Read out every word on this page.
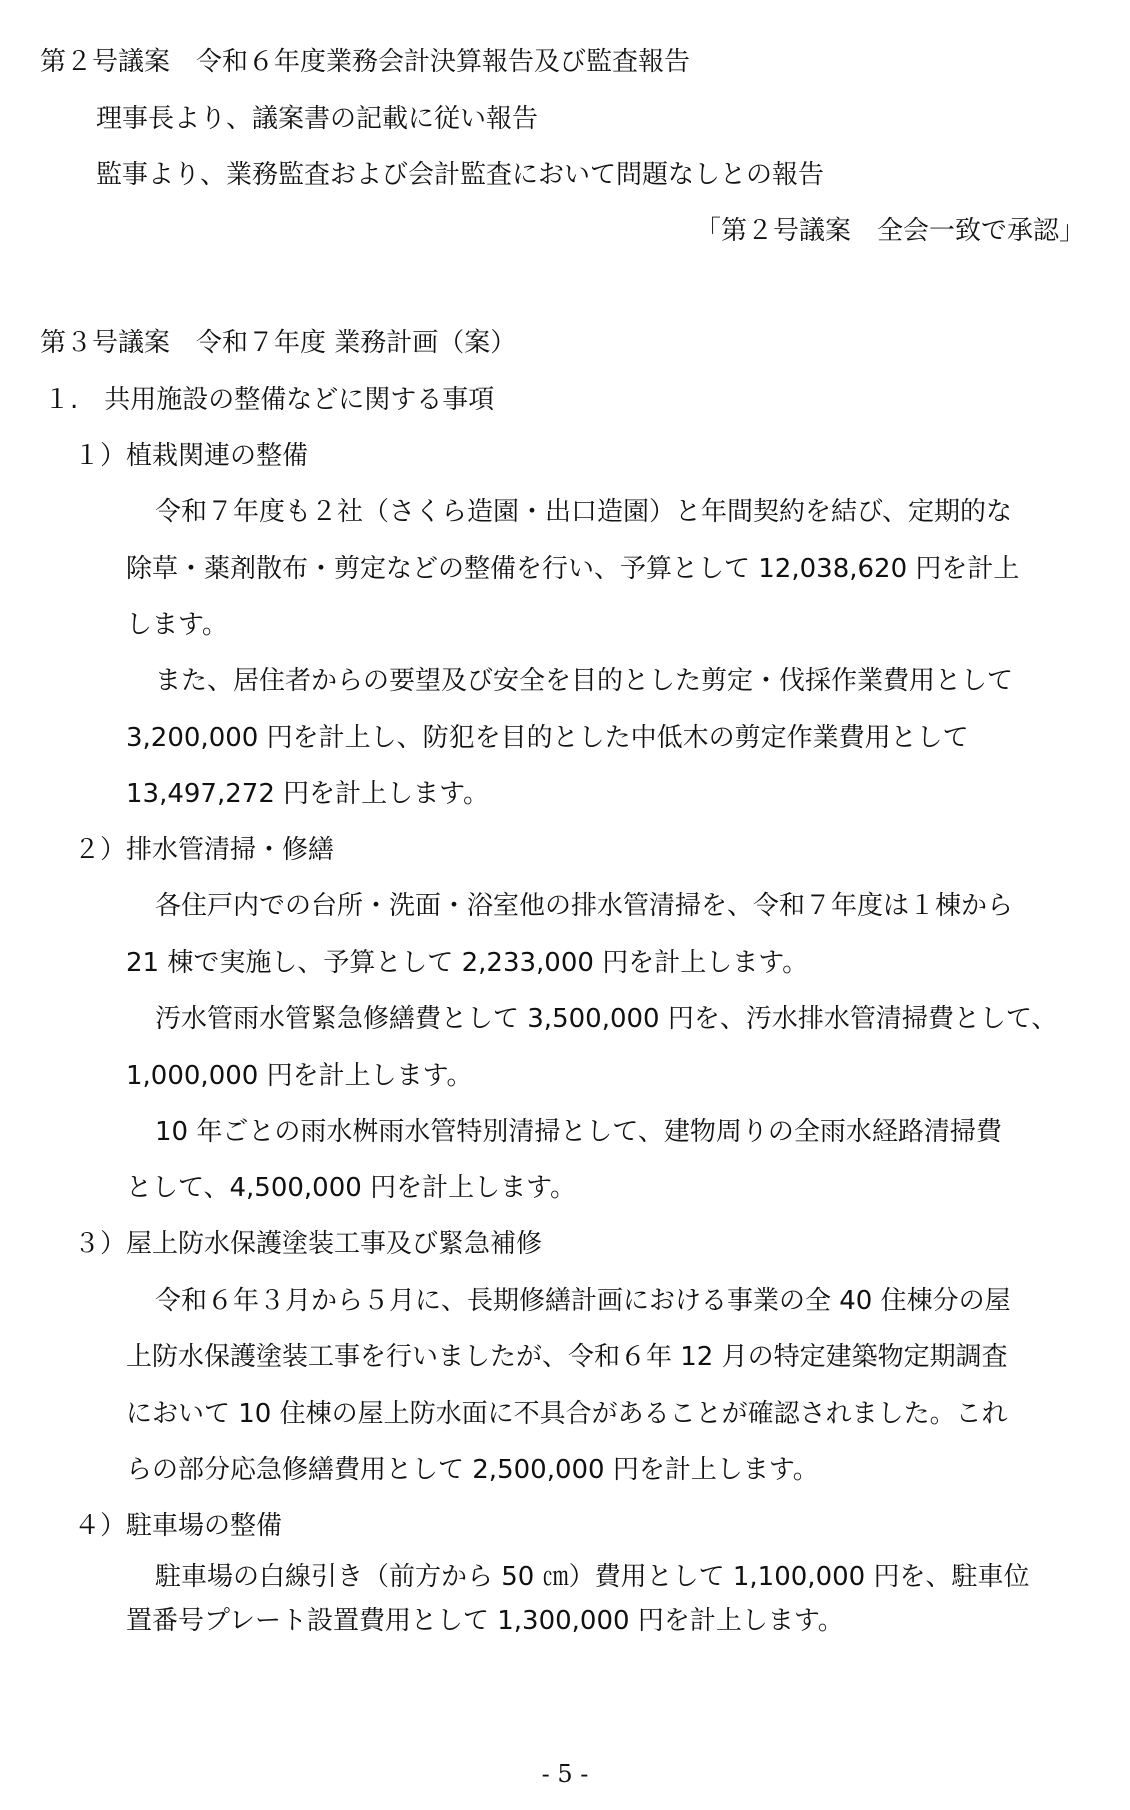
第２号議案　令和６年度業務会計決算報告及び監査報告
理事長より、議案書の記載に従い報告
監事より、業務監査および会計監査において問題なしとの報告
「第２号議案　全会一致で承認」
第３号議案　令和７年度 業務計画（案）
１.　共用施設の整備などに関する事項
１）植栽関連の整備
令和７年度も２社（さくら造園・出口造園）と年間契約を結び、定期的な
除草・薬剤散布・剪定などの整備を行い、予算として 12,038,620 円を計上
します。
また、居住者からの要望及び安全を目的とした剪定・伐採作業費用として
3,200,000 円を計上し、防犯を目的とした中低木の剪定作業費用として
13,497,272 円を計上します。
２）排水管清掃・修繕
各住戸内での台所・洗面・浴室他の排水管清掃を、令和７年度は１棟から
21 棟で実施し、予算として 2,233,000 円を計上します。
汚水管雨水管緊急修繕費として 3,500,000 円を、汚水排水管清掃費として、
1,000,000 円を計上します。
10 年ごとの雨水桝雨水管特別清掃として、建物周りの全雨水経路清掃費
として、4,500,000 円を計上します。
３）屋上防水保護塗装工事及び緊急補修
令和６年３月から５月に、長期修繕計画における事業の全 40 住棟分の屋
上防水保護塗装工事を行いましたが、令和６年 12 月の特定建築物定期調査
において 10 住棟の屋上防水面に不具合があることが確認されました。これ
らの部分応急修繕費用として 2,500,000 円を計上します。
４）駐車場の整備
駐車場の白線引き（前方から 50 ㎝）費用として 1,100,000 円を、駐車位
置番号プレート設置費用として 1,300,000 円を計上します。
- 5 -
